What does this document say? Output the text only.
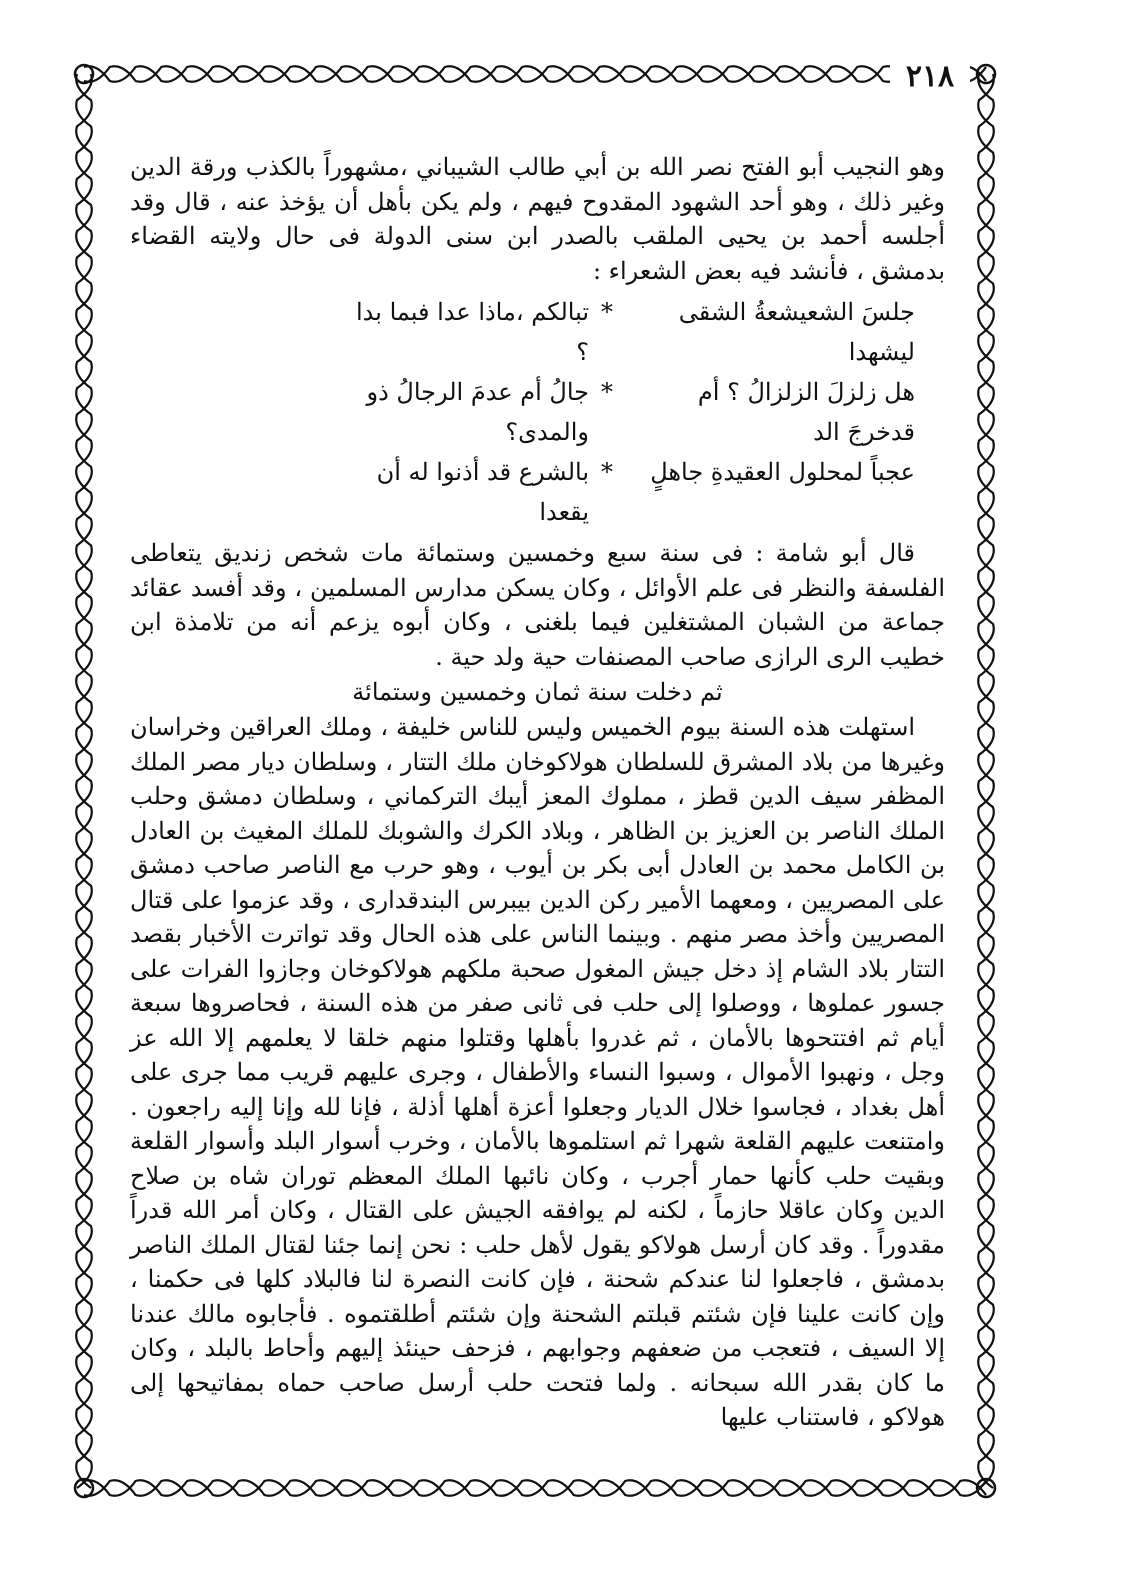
٢١٨

وهو النجيب أبو الفتح نصر الله بن أبي طالب الشيباني ،مشهوراً بالكذب ورقة الدين وغير ذلك ، وهو أحد الشهود المقدوح فيهم ، ولم يكن بأهل أن يؤخذ عنه ، قال وقد أجلسه أحمد بن يحيى الملقب بالصدر ابن سنى الدولة فى حال ولايته القضاء بدمشق ، فأنشد فيه بعض الشعراء :

جلسَ الشعيشعةُ الشقى ليشهدا
*
تبالكم ،ماذا عدا فبما بدا ؟
هل زلزلَ الزلزالُ ؟ أم قدخرجَ الد
*
جالُ أم عدمَ الرجالُ ذو والمدى؟
عجباً لمحلول العقيدةِ جاهلٍ
*
بالشرع قد أذنوا له أن يقعدا

قال أبو شامة : فى سنة سبع وخمسين وستمائة مات شخص زنديق يتعاطى الفلسفة والنظر فى علم الأوائل ، وكان يسكن مدارس المسلمين ، وقد أفسد عقائد جماعة من الشبان المشتغلين فيما بلغنى ، وكان أبوه يزعم أنه من تلامذة ابن خطيب الرى الرازى صاحب المصنفات حية ولد حية .

ثم دخلت سنة ثمان وخمسين وستمائة

استهلت هذه السنة بيوم الخميس وليس للناس خليفة ، وملك العراقين وخراسان وغيرها من بلاد المشرق للسلطان هولاكوخان ملك التتار ، وسلطان ديار مصر الملك المظفر سيف الدين قطز ، مملوك المعز أيبك التركماني ، وسلطان دمشق وحلب الملك الناصر بن العزيز بن الظاهر ، وبلاد الكرك والشوبك للملك المغيث بن العادل بن الكامل محمد بن العادل أبى بكر بن أيوب ، وهو حرب مع الناصر صاحب دمشق على المصريين ، ومعهما الأمير ركن الدين بيبرس البندقدارى ، وقد عزموا على قتال المصريين وأخذ مصر منهم . وبينما الناس على هذه الحال وقد تواترت الأخبار بقصد التتار بلاد الشام إذ دخل جيش المغول صحبة ملكهم هولاكوخان وجازوا الفرات على جسور عملوها ، ووصلوا إلى حلب فى ثانى صفر من هذه السنة ، فحاصروها سبعة أيام ثم افتتحوها بالأمان ، ثم غدروا بأهلها وقتلوا منهم خلقا لا يعلمهم إلا الله عز وجل ، ونهبوا الأموال ، وسبوا النساء والأطفال ، وجرى عليهم قريب مما جرى على أهل بغداد ، فجاسوا خلال الديار وجعلوا أعزة أهلها أذلة ، فإنا لله وإنا إليه راجعون . وامتنعت عليهم القلعة شهرا ثم استلموها بالأمان ، وخرب أسوار البلد وأسوار القلعة وبقيت حلب كأنها حمار أجرب ، وكان نائبها الملك المعظم توران شاه بن صلاح الدين وكان عاقلا حازماً ، لكنه لم يوافقه الجيش على القتال ، وكان أمر الله قدراً مقدوراً . وقد كان أرسل هولاكو يقول لأهل حلب : نحن إنما جئنا لقتال الملك الناصر بدمشق ، فاجعلوا لنا عندكم شحنة ، فإن كانت النصرة لنا فالبلاد كلها فى حكمنا ، وإن كانت علينا فإن شئتم قبلتم الشحنة وإن شئتم أطلقتموه . فأجابوه مالك عندنا إلا السيف ، فتعجب من ضعفهم وجوابهم ، فزحف حينئذ إليهم وأحاط بالبلد ، وكان ما كان بقدر الله سبحانه . ولما فتحت حلب أرسل صاحب حماه بمفاتيحها إلى هولاكو ، فاستناب عليها
